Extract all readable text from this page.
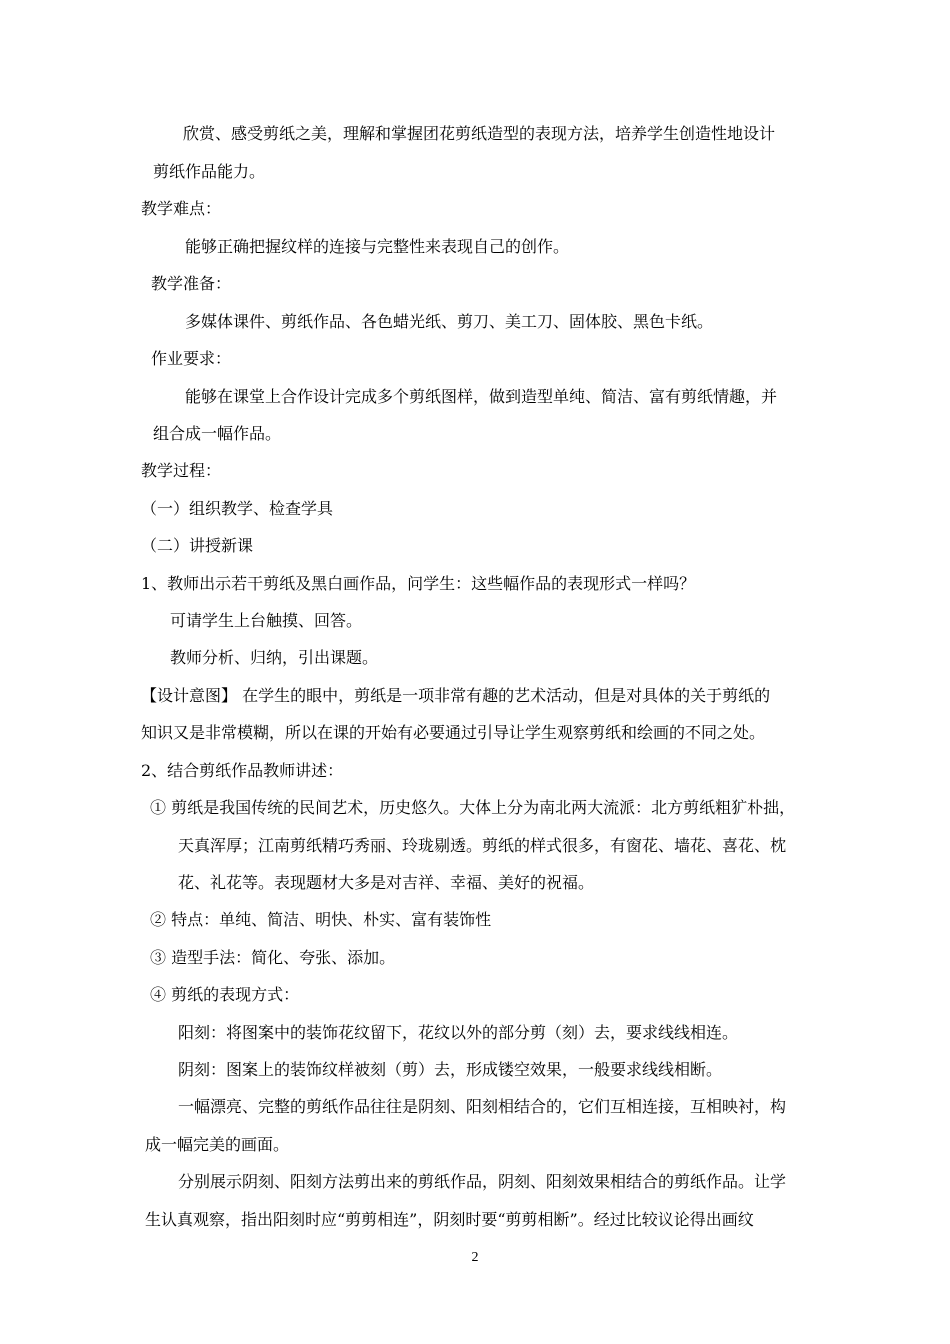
欣赏、感受剪纸之美，理解和掌握团花剪纸造型的表现方法，培养学生创造性地设计
剪纸作品能力。
教学难点：
能够正确把握纹样的连接与完整性来表现自己的创作。
教学准备：
多媒体课件、剪纸作品、各色蜡光纸、剪刀、美工刀、固体胶、黑色卡纸。
作业要求：
能够在课堂上合作设计完成多个剪纸图样，做到造型单纯、简洁、富有剪纸情趣，并
组合成一幅作品。
教学过程：
（一）组织教学、检查学具
（二）讲授新课
1、教师出示若干剪纸及黑白画作品，问学生：这些幅作品的表现形式一样吗？
可请学生上台触摸、回答。
教师分析、归纳，引出课题。
【设计意图】 在学生的眼中，剪纸是一项非常有趣的艺术活动，但是对具体的关于剪纸的
知识又是非常模糊，所以在课的开始有必要通过引导让学生观察剪纸和绘画的不同之处。
2、结合剪纸作品教师讲述：
① 剪纸是我国传统的民间艺术，历史悠久。大体上分为南北两大流派：北方剪纸粗犷朴拙，
天真浑厚；江南剪纸精巧秀丽、玲珑剔透。剪纸的样式很多，有窗花、墙花、喜花、枕
花、礼花等。表现题材大多是对吉祥、幸福、美好的祝福。
② 特点：单纯、简洁、明快、朴实、富有装饰性
③ 造型手法：简化、夸张、添加。
④ 剪纸的表现方式：
阳刻：将图案中的装饰花纹留下，花纹以外的部分剪（刻）去，要求线线相连。
阴刻：图案上的装饰纹样被刻（剪）去，形成镂空效果，一般要求线线相断。
一幅漂亮、完整的剪纸作品往往是阴刻、阳刻相结合的，它们互相连接，互相映衬，构
成一幅完美的画面。
分别展示阴刻、阳刻方法剪出来的剪纸作品，阴刻、阳刻效果相结合的剪纸作品。让学
生认真观察，指出阳刻时应“剪剪相连”，阴刻时要“剪剪相断”。经过比较议论得出画纹
2
